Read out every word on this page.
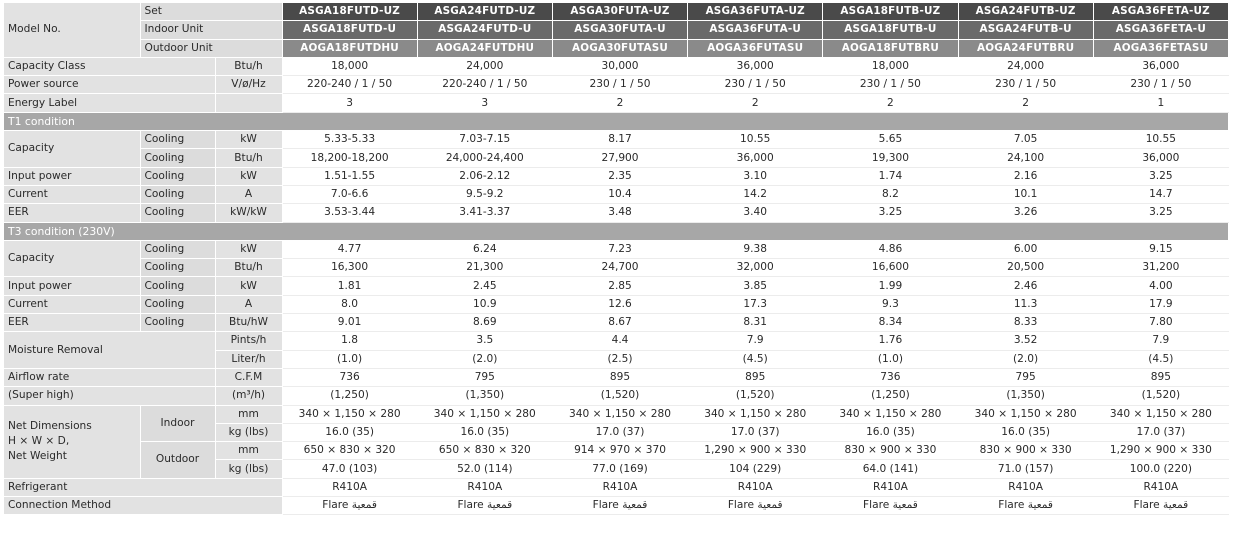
Model No.	Set		ASGA18FUTD-UZ	ASGA24FUTD-UZ	ASGA30FUTA-UZ	ASGA36FUTA-UZ	ASGA18FUTB-UZ	ASGA24FUTB-UZ	ASGA36FETA-UZ
	Indoor Unit		ASGA18FUTD-U	ASGA24FUTD-U	ASGA30FUTA-U	ASGA36FUTA-U	ASGA18FUTB-U	ASGA24FUTB-U	ASGA36FETA-U
	Outdoor Unit		AOGA18FUTDHU	AOGA24FUTDHU	AOGA30FUTASU	AOGA36FUTASU	AOGA18FUTBRU	AOGA24FUTBRU	AOGA36FETASU
Capacity Class		Btu/h	18,000	24,000	30,000	36,000	18,000	24,000	36,000
Power source		V/ø/Hz	220-240 / 1 / 50	220-240 / 1 / 50	230 / 1 / 50	230 / 1 / 50	230 / 1 / 50	230 / 1 / 50	230 / 1 / 50
Energy Label			3	3	2	2	2	2	1
T1 condition									
Capacity	Cooling	kW	5.33-5.33	7.03-7.15	8.17	10.55	5.65	7.05	10.55
	Cooling	Btu/h	18,200-18,200	24,000-24,400	27,900	36,000	19,300	24,100	36,000
Input power	Cooling	kW	1.51-1.55	2.06-2.12	2.35	3.10	1.74	2.16	3.25
Current	Cooling	A	7.0-6.6	9.5-9.2	10.4	14.2	8.2	10.1	14.7
EER	Cooling	kW/kW	3.53-3.44	3.41-3.37	3.48	3.40	3.25	3.26	3.25
T3 condition (230V)									
Capacity	Cooling	kW	4.77	6.24	7.23	9.38	4.86	6.00	9.15
	Cooling	Btu/h	16,300	21,300	24,700	32,000	16,600	20,500	31,200
Input power	Cooling	kW	1.81	2.45	2.85	3.85	1.99	2.46	4.00
Current	Cooling	A	8.0	10.9	12.6	17.3	9.3	11.3	17.9
EER	Cooling	Btu/hW	9.01	8.69	8.67	8.31	8.34	8.33	7.80
Moisture Removal		Pints/h	1.8	3.5	4.4	7.9	1.76	3.52	7.9
		Liter/h	(1.0)	(2.0)	(2.5)	(4.5)	(1.0)	(2.0)	(4.5)
Airflow rate		C.F.M	736	795	895	895	736	795	895
(Super high)		(m³/h)	(1,250)	(1,350)	(1,520)	(1,520)	(1,250)	(1,350)	(1,520)

Net Dimensions
H × W × D,
Net Weight	Indoor	mm	340 × 1,150 × 280	340 × 1,150 × 280	340 × 1,150 × 280	340 × 1,150 × 280	340 × 1,150 × 280	340 × 1,150 × 280	340 × 1,150 × 280
		kg (lbs)	16.0 (35)	16.0 (35)	17.0 (37)	17.0 (37)	16.0 (35)	16.0 (35)	17.0 (37)
	Outdoor	mm	650 × 830 × 320	650 × 830 × 320	914 × 970 × 370	1,290 × 900 × 330	830 × 900 × 330	830 × 900 × 330	1,290 × 900 × 330
		kg (lbs)	47.0 (103)	52.0 (114)	77.0 (169)	104 (229)	64.0 (141)	71.0 (157)	100.0 (220)
Refrigerant			R410A	R410A	R410A	R410A	R410A	R410A	R410A
Connection Method			Flare قمعية	Flare قمعية	Flare قمعية	Flare قمعية	Flare قمعية	Flare قمعية	Flare قمعية
